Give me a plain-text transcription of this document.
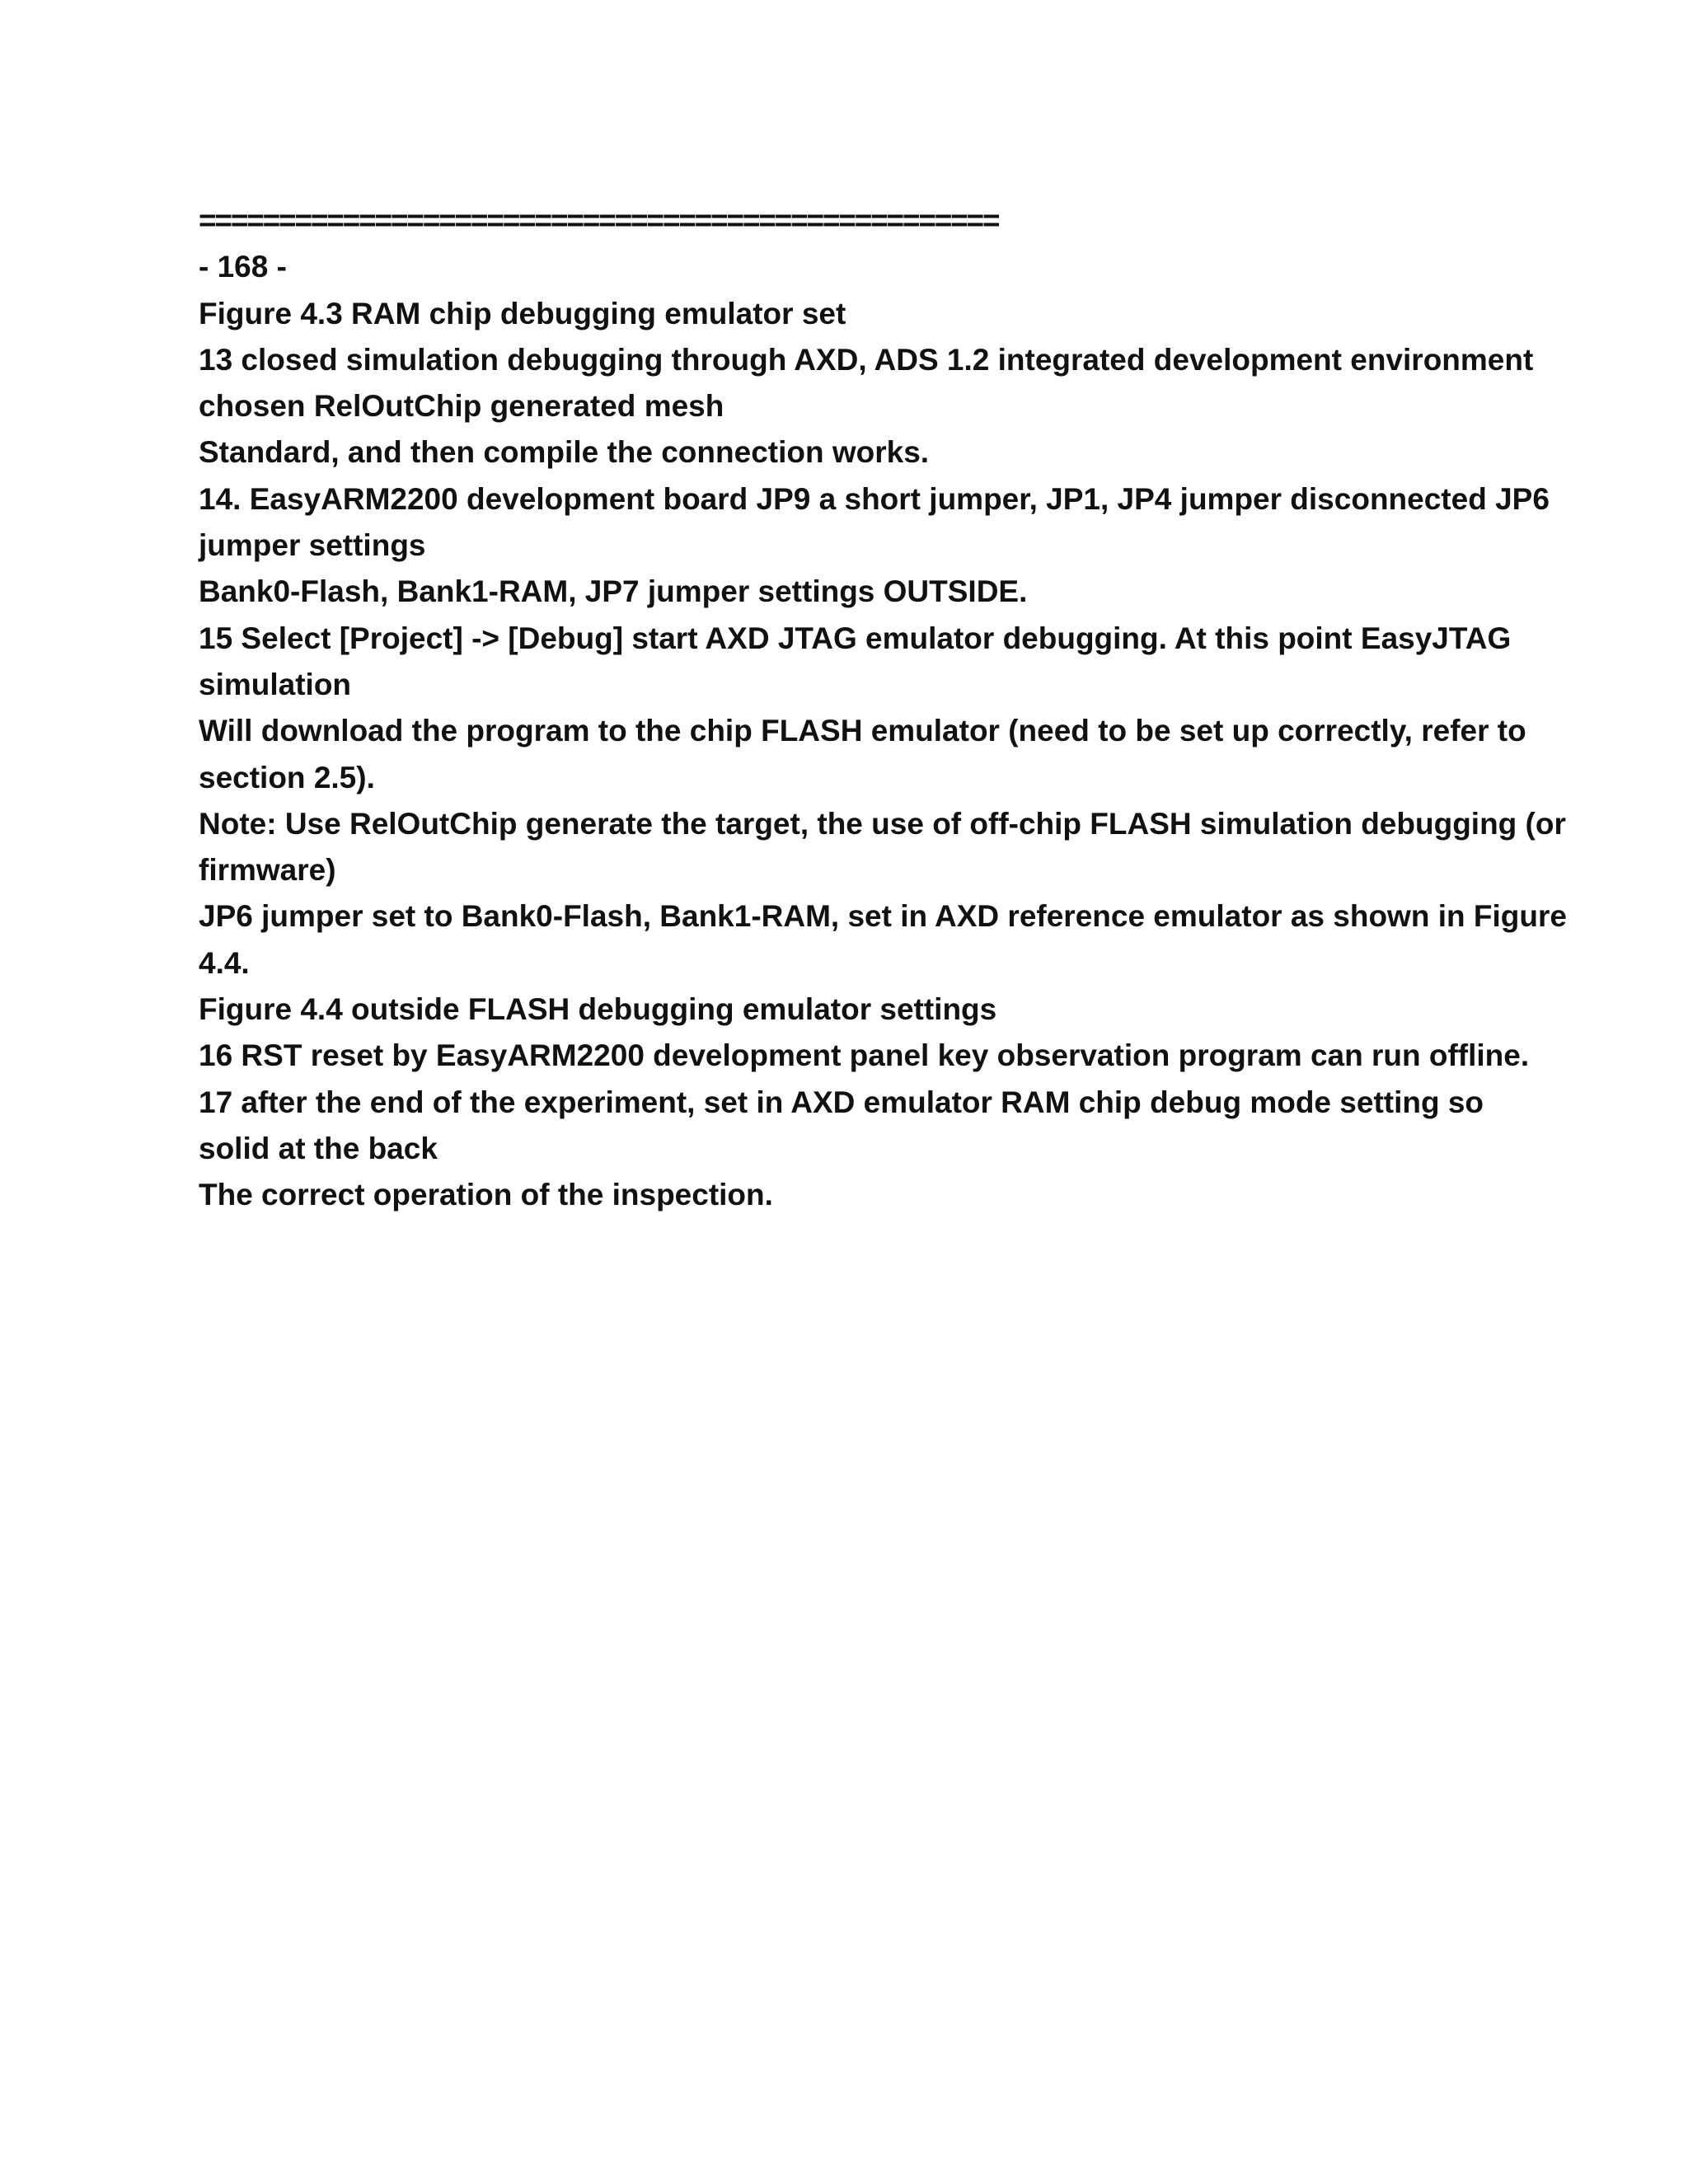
==================================================
- 168 -
Figure 4.3 RAM chip debugging emulator set
13 closed simulation debugging through AXD, ADS 1.2 integrated development environment
chosen RelOutChip generated mesh
Standard, and then compile the connection works.
14. EasyARM2200 development board JP9 a short jumper, JP1, JP4 jumper disconnected JP6
jumper settings
Bank0-Flash, Bank1-RAM, JP7 jumper settings OUTSIDE.
15 Select [Project] -> [Debug] start AXD JTAG emulator debugging. At this point EasyJTAG
simulation
Will download the program to the chip FLASH emulator (need to be set up correctly, refer to
section 2.5).
Note: Use RelOutChip generate the target, the use of off-chip FLASH simulation debugging (or
firmware)
JP6 jumper set to Bank0-Flash, Bank1-RAM, set in AXD reference emulator as shown in Figure
4.4.
Figure 4.4 outside FLASH debugging emulator settings
16 RST reset by EasyARM2200 development panel key observation program can run offline.
17 after the end of the experiment, set in AXD emulator RAM chip debug mode setting so
solid at the back
The correct operation of the inspection.
